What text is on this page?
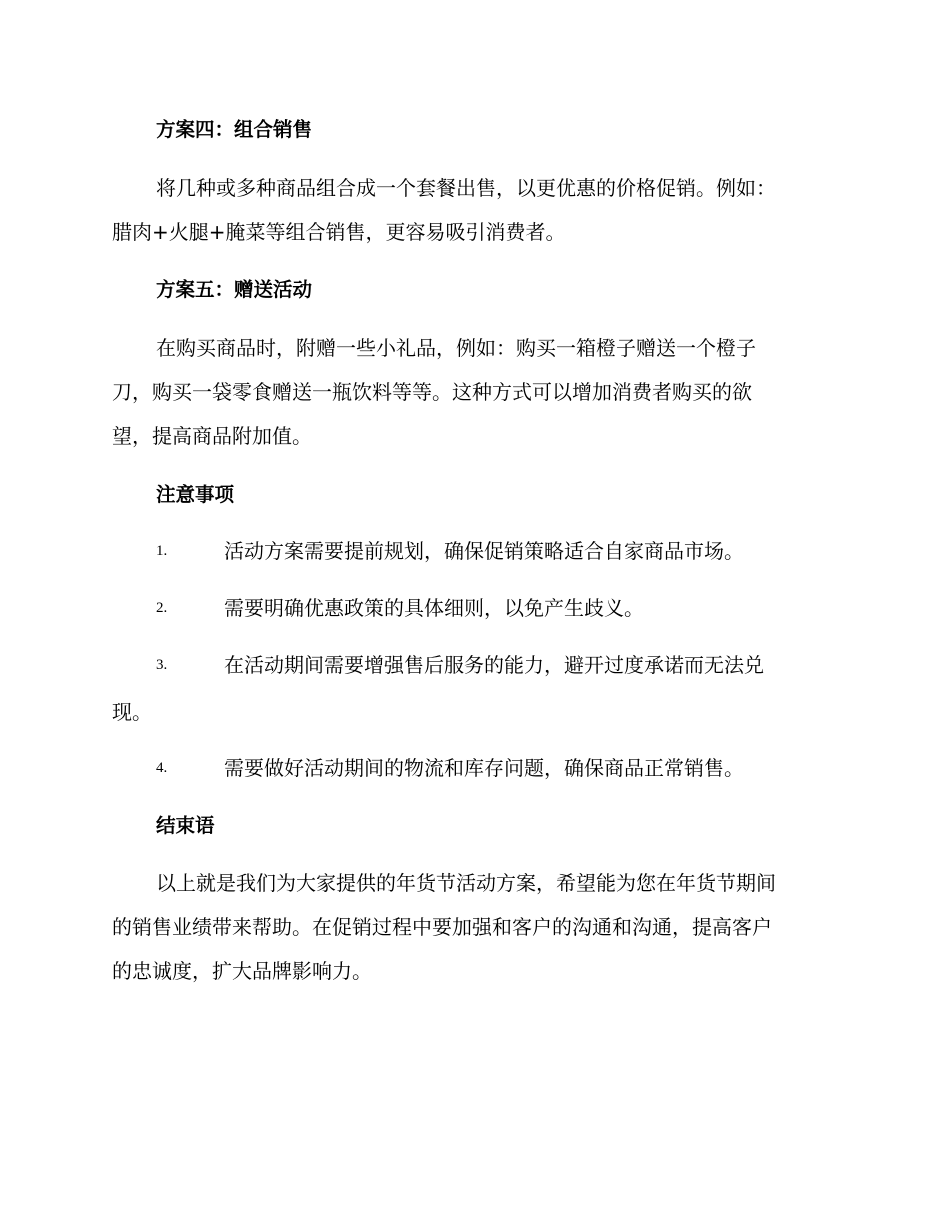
方案四：组合销售
将几种或多种商品组合成一个套餐出售，以更优惠的价格促销。例如：
腊肉+火腿+腌菜等组合销售，更容易吸引消费者。
方案五：赠送活动
在购买商品时，附赠一些小礼品，例如：购买一箱橙子赠送一个橙子
刀，购买一袋零食赠送一瓶饮料等等。这种方式可以增加消费者购买的欲
望，提高商品附加值。
注意事项
1.	活动方案需要提前规划，确保促销策略适合自家商品市场。
2.	需要明确优惠政策的具体细则，以免产生歧义。
3.	在活动期间需要增强售后服务的能力，避开过度承诺而无法兑
现。
4.	需要做好活动期间的物流和库存问题，确保商品正常销售。
结束语
以上就是我们为大家提供的年货节活动方案，希望能为您在年货节期间
的销售业绩带来帮助。在促销过程中要加强和客户的沟通和沟通，提高客户
的忠诚度，扩大品牌影响力。
